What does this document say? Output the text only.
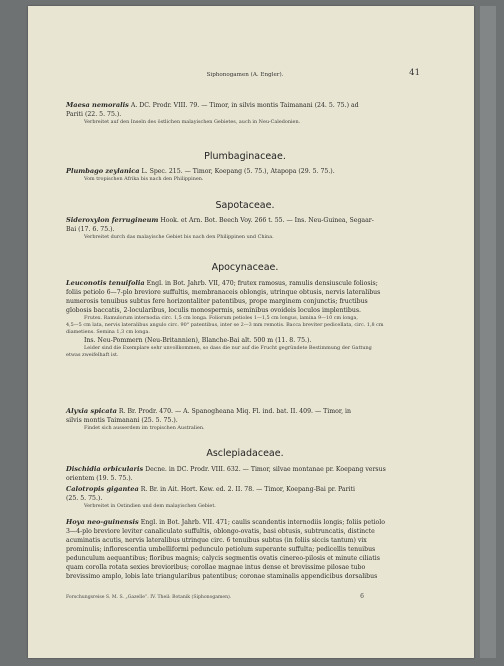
Siphonogamen (A. Engler).	41

Maesa nemoralis A. DC. Prodr. VIII. 79. — Timor, in silvis montis Taimanani (24. 5. 75.) ad

Pariti (22. 5. 75.).

Verbreitet auf den Inseln des östlichen malayischen Gebietes, auch in Neu-Caledonien.

Plumbaginaceae.

Plumbago zeylanica L. Spec. 215. — Timor, Koepang (5. 75.), Atapopa (29. 5. 75.).

Vom tropischen Afrika bis nach den Philippinen.

Sapotaceae.

Sideroxylon ferrugineum Hook. et Arn. Bot. Beech Voy. 266 t. 55. — Ins. Neu-Guinea, Segaar-

Bai (17. 6. 75.).

Verbreitet durch das malayische Gebiet bis nach den Philippinen und China.

Apocynaceae.

Leuconotis tenuifolia Engl. in Bot. Jahrb. VII, 470; frutex ramosus, ramulis densiuscule foliosis;

foliis petiolo 6—7-plo breviore suffultis, membranaceis oblongis, utrinque obtusis, nervis lateralibus

numerosis tenuibus subtus fere horizontaliter patentibus, prope marginem conjunctis; fructibus

globosis baccatis, 2-locularibus, loculis monospermis, seminibus ovoideis loculos implentibus.

Frutex. Ramulorum internodia circ. 1,5 cm longa. Foliorum petioles 1—1,5 cm longus, lamina 9—10 cm longa,

4,5—5 cm lata, nervis lateralibus angulo circ. 90° patentibus, inter se 2—3 mm remotis. Bacca breviter pedicellata, circ. 1,8 cm

diametiens. Semina 1,3 cm longa.

Ins. Neu-Pommern (Neu-Britannien), Blanche-Bai alt. 500 m (11. 8. 75.).

Leider sind die Exemplare sehr unvollkommen, so dass die nur auf die Frucht gegründete Bestimmung der Gattung

etwas zweifelhaft ist.

Alyxia spicata R. Br. Prodr. 470. — A. Spanogheana Miq. Fl. ind. bat. II. 409. — Timor, in

silvis montis Taimanani (25. 5. 75.).

Findet sich ausserdem im tropischen Australien.

Asclepiadaceae.

Dischidia orbicularis Decne. in DC. Prodr. VIII. 632. — Timor, silvae montanae pr. Koepang versus

orientem (19. 5. 75.).

Calotropis gigantea R. Br. in Ait. Hort. Kew. ed. 2. II. 78. — Timor, Koepang-Bai pr. Pariti

(25. 5. 75.).

Verbreitet in Ostindien und dem malayischen Gebiet.

Hoya neo-guinensis Engl. in Bot. Jahrb. VII. 471; caulis scandentis internodiis longis; foliis petiolo

3—4-plo breviore leviter canaliculato suffultis, oblongo-ovatis, basi obtusis, subtruncatis, distincte

acuminatis acutis, nervis lateralibus utrinque circ. 6 tenuibus subtus (in foliis siccis tantum) vix

prominulis; inflorescentia umbelliformi pedunculo petiolum superante suffulta; pedicellis tenuibus

pedunculum aequantibus; floribus magnis; calycis segmentis ovatis cinereo-pilosis et minute ciliatis

quam corolla rotata sexies brevioribus; corollae magnae intus dense et brevissime pilosae tubo

brevissimo amplo, lobis late triangularibus patentibus; coronae staminalis appendicibus dorsalibus

Forschungsreise S. M. S. „Gazelle“. IV. Theil: Botanik (Siphonogamen).	6
